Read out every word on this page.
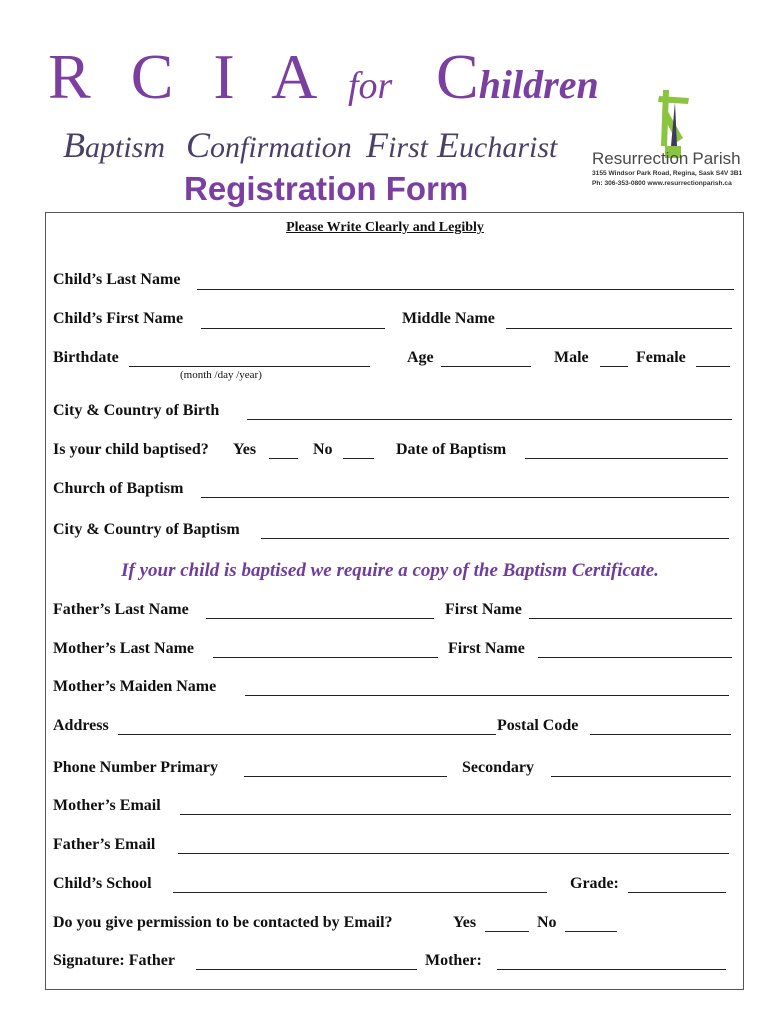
R C I A for Children
Baptism Confirmation First Eucharist
Registration Form
Resurrection Parish
3155 Windsor Park Road, Regina, Sask S4V 3B1
Ph: 306-353-0800 www.resurrectionparish.ca
Please Write Clearly and Legibly
Child’s Last Name
Child’s First Name	Middle Name
Birthdate
(month /day /year)
Age	Male	Female
City & Country of Birth
Is your child baptised? Yes	No	Date of Baptism
Church of Baptism
City & Country of Baptism
If your child is baptised we require a copy of the Baptism Certificate.
Father’s Last Name	First Name
Mother’s Last Name	First Name
Mother’s Maiden Name
Address	Postal Code
Phone Number Primary	Secondary
Mother’s Email
Father’s Email
Child’s School	Grade:
Do you give permission to be contacted by Email?	Yes	No
Signature: Father	Mother:
